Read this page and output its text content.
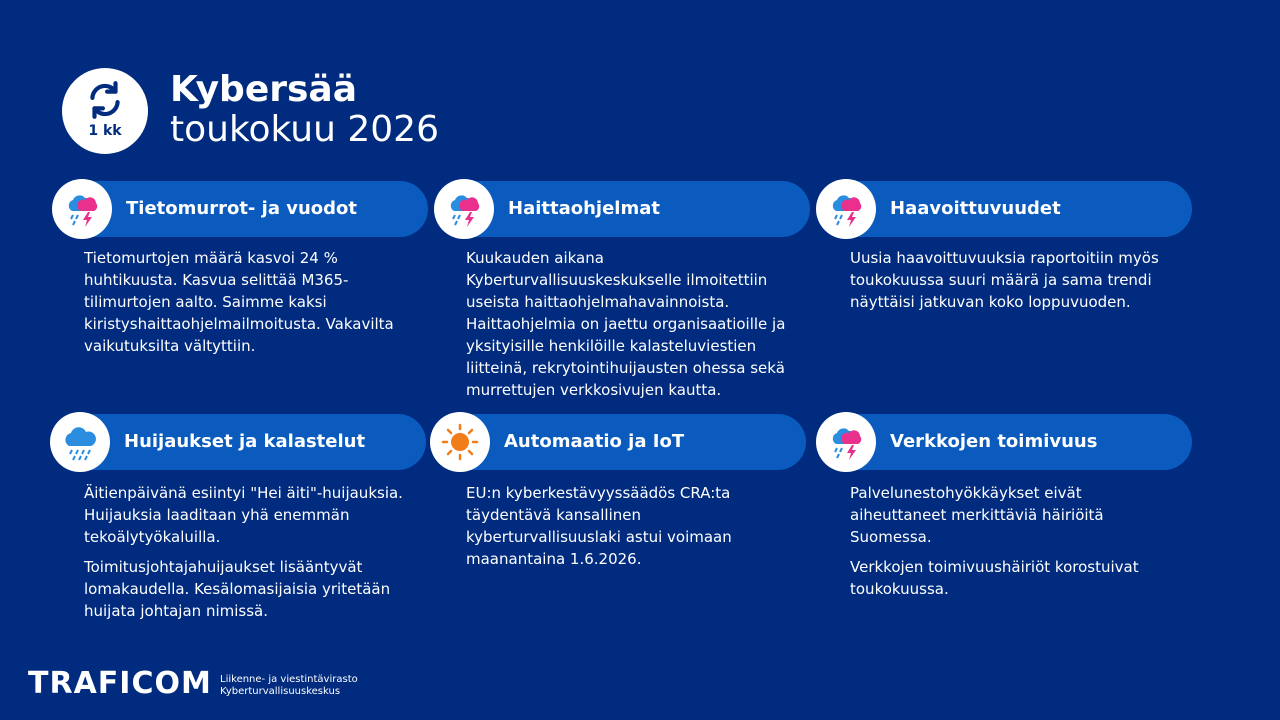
1 kk
Kybersää
toukokuu 2026
Tietomurrot- ja vuodot

Tietomurtojen määrä kasvoi 24 % huhtikuusta. Kasvua selittää M365-tilimurtojen aalto. Saimme kaksi kiristyshaittaohjelmailmoitusta. Vakavilta vaikutuksilta vältyttiin.

Haittaohjelmat

Kuukauden aikana Kyberturvallisuuskeskukselle ilmoitettiin useista haittaohjelmahavainnoista. Haittaohjelmia on jaettu organisaatioille ja yksityisille henkilöille kalasteluviestien liitteinä, rekrytointihuijausten ohessa sekä murrettujen verkkosivujen kautta.

Haavoittuvuudet

Uusia haavoittuvuuksia raportoitiin myös toukokuussa suuri määrä ja sama trendi näyttäisi jatkuvan koko loppuvuoden.

Huijaukset ja kalastelut

Äitienpäivänä esiintyi "Hei äiti"-huijauksia. Huijauksia laaditaan yhä enemmän tekoälytyökaluilla.

Toimitusjohtajahuijaukset lisääntyvät lomakaudella. Kesälomasijaisia yritetään huijata johtajan nimissä.

Automaatio ja IoT

EU:n kyberkestävyyssäädös CRA:ta täydentävä kansallinen kyberturvallisuuslaki astui voimaan maanantaina 1.6.2026.

Verkkojen toimivuus

Palvelunestohyökkäykset eivät aiheuttaneet merkittäviä häiriöitä Suomessa.

Verkkojen toimivuushäiriöt korostuivat toukokuussa.

TRAFICOM Liikenne- ja viestintävirasto
Kyberturvallisuuskeskus
